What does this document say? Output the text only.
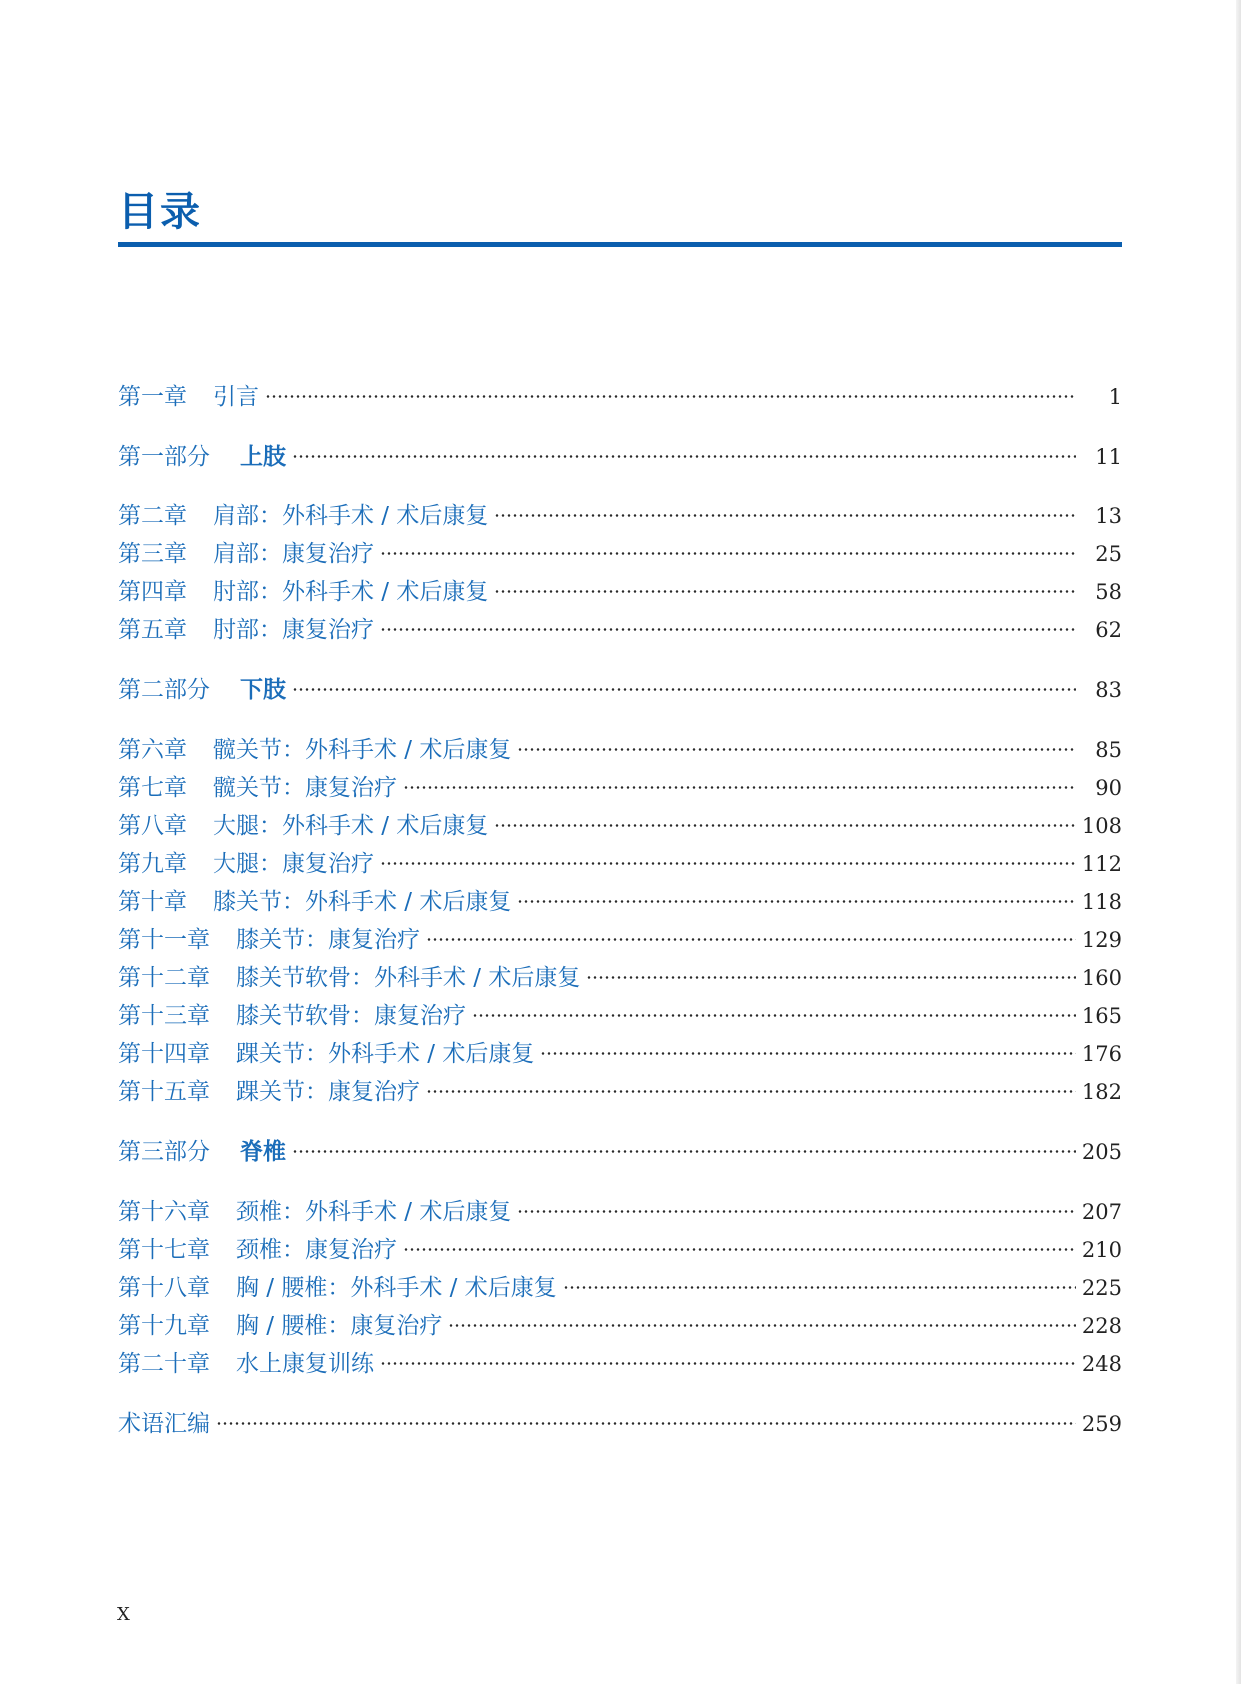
目录
第一章 引言	1
第一部分 上肢	11
第二章 肩部：外科手术 / 术后康复	13
第三章 肩部：康复治疗	25
第四章 肘部：外科手术 / 术后康复	58
第五章 肘部：康复治疗	62
第二部分 下肢	83
第六章 髋关节：外科手术 / 术后康复	85
第七章 髋关节：康复治疗	90
第八章 大腿：外科手术 / 术后康复	108
第九章 大腿：康复治疗	112
第十章 膝关节：外科手术 / 术后康复	118
第十一章 膝关节：康复治疗	129
第十二章 膝关节软骨：外科手术 / 术后康复	160
第十三章 膝关节软骨：康复治疗	165
第十四章 踝关节：外科手术 / 术后康复	176
第十五章 踝关节：康复治疗	182
第三部分 脊椎	205
第十六章 颈椎：外科手术 / 术后康复	207
第十七章 颈椎：康复治疗	210
第十八章 胸 / 腰椎：外科手术 / 术后康复	225
第十九章 胸 / 腰椎：康复治疗	228
第二十章 水上康复训练	248
术语汇编	259
X
